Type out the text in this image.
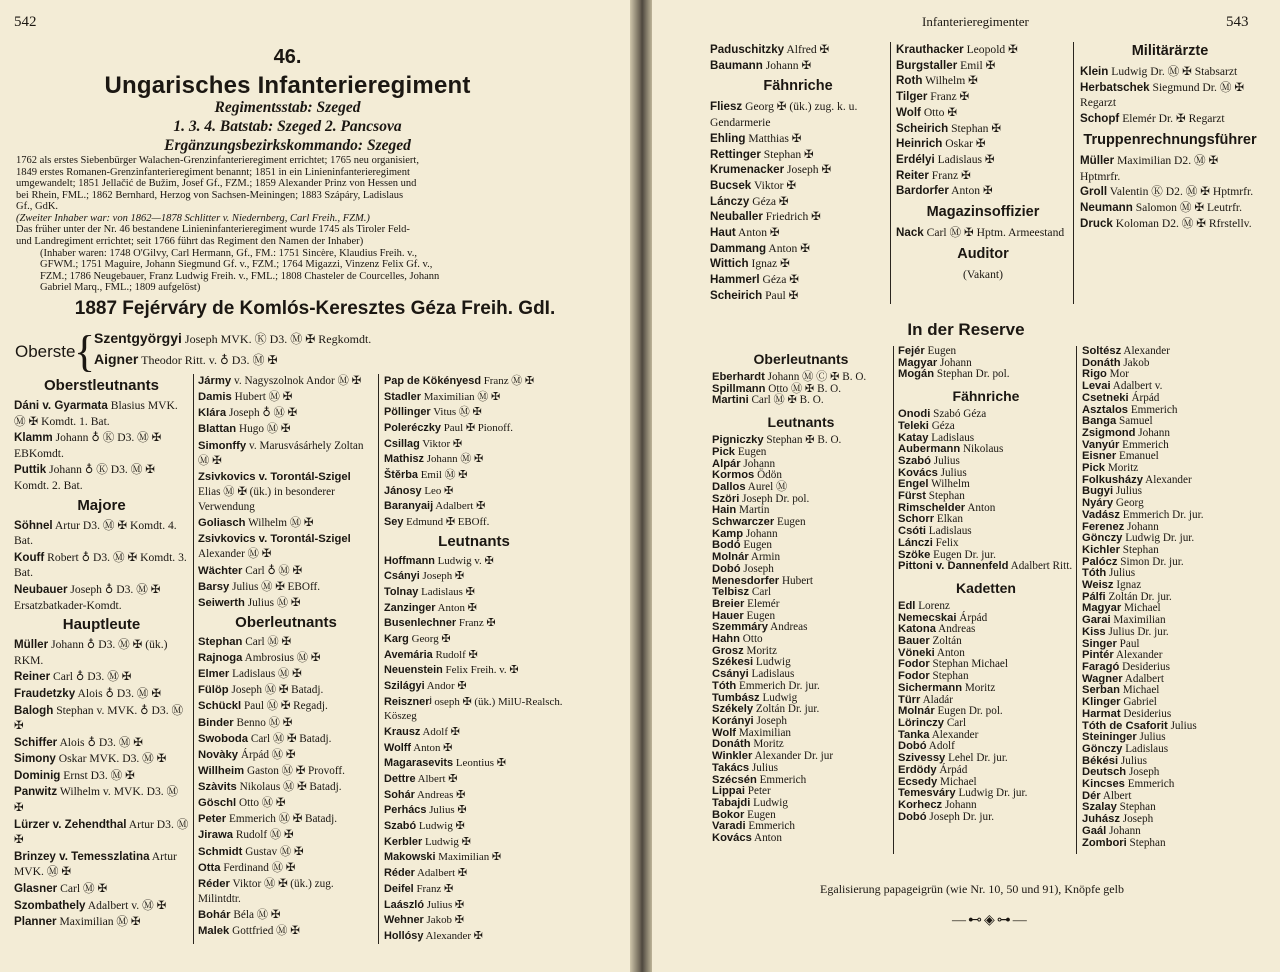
542
46.
Ungarisches Infanterieregiment
Regimentsstab: Szeged
1. 3. 4. Batstab: Szeged 2. Pancsova
Ergänzungsbezirkskommando: Szeged
1762 als erstes Siebenbürger Walachen-Grenzinfanterieregiment errichtet; 1765 neu organisiert,
1849 erstes Romanen-Grenzinfanterieregiment benannt; 1851 in ein Linieninfanterieregiment
umgewandelt; 1851 Jellačić de Bužim, Josef Gf., FZM.; 1859 Alexander Prinz von Hessen und
bei Rhein, FML.; 1862 Bernhard, Herzog von Sachsen-Meiningen; 1883 Szápáry, Ladislaus
Gf., GdK.
(Zweiter Inhaber war: von 1862—1878 Schlitter v. Niedernberg, Carl Freih., FZM.)
Das früher unter der Nr. 46 bestandene Linieninfanterieregiment wurde 1745 als Tiroler Feld-
und Landregiment errichtet; seit 1766 führt das Regiment den Namen der Inhaber)
(Inhaber waren: 1748 O'Gilvy, Carl Hermann, Gf., FM.: 1751 Sincère, Klaudius Freih. v.,
GFWM.; 1751 Maguire, Johann Siegmund Gf. v., FZM.; 1764 Migazzi, Vinzenz Felix Gf. v.,
FZM.; 1786 Neugebauer, Franz Ludwig Freih. v., FML.; 1808 Chasteler de Courcelles, Johann
Gabriel Marq., FML.; 1809 aufgelöst)
1887 Fejérváry de Komlós-Keresztes Géza Freih. GdI.
Oberste
{
Szentgyörgyi Joseph MVK. Ⓚ D3. Ⓜ ✠ Regkomdt.
Aigner Theodor Ritt. v. ♁ D3. Ⓜ ✠
Oberstleutnants
Dáni v. Gyarmata Blasius MVK. Ⓜ ✠ Komdt. 1. Bat.
Klamm Johann ♁ Ⓚ D3. Ⓜ ✠ EBKomdt.
Puttik Johann ♁ Ⓚ D3. Ⓜ ✠ Komdt. 2. Bat.
Majore
Söhnel Artur D3. Ⓜ ✠ Komdt. 4. Bat.
Kouff Robert ♁ D3. Ⓜ ✠ Komdt. 3. Bat.
Neubauer Joseph ♁ D3. Ⓜ ✠ Ersatzbatkader-Komdt.
Hauptleute
Müller Johann ♁ D3. Ⓜ ✠ (ük.) RKM.
Reiner Carl ♁ D3. Ⓜ ✠
Fraudetzky Alois ♁ D3. Ⓜ ✠
Balogh Stephan v. MVK. ♁ D3. Ⓜ ✠
Schiffer Alois ♁ D3. Ⓜ ✠
Simony Oskar MVK. D3. Ⓜ ✠
Dominig Ernst D3. Ⓜ ✠
Panwitz Wilhelm v. MVK. D3. Ⓜ ✠
Lürzer v. Zehendthal Artur D3. Ⓜ ✠
Brinzey v. Temesszlatina Artur MVK. Ⓜ ✠
Glasner Carl Ⓜ ✠
Szombathely Adalbert v. Ⓜ ✠
Planner Maximilian Ⓜ ✠
Jármy v. Nagyszolnok Andor Ⓜ ✠
Damis Hubert Ⓜ ✠
Klára Joseph ♁ Ⓜ ✠
Blattan Hugo Ⓜ ✠
Simonffy v. Marusvásárhely Zoltan Ⓜ ✠
Zsivkovics v. Torontál-Szigel Elias Ⓜ ✠ (ük.) in besonderer Verwendung
Goliasch Wilhelm Ⓜ ✠
Zsivkovics v. Torontál-Szigel Alexander Ⓜ ✠
Wächter Carl ♁ Ⓜ ✠
Barsy Julius Ⓜ ✠ EBOff.
Seiwerth Julius Ⓜ ✠
Oberleutnants
Stephan Carl Ⓜ ✠
Rajnoga Ambrosius Ⓜ ✠
Elmer Ladislaus Ⓜ ✠
Fülöp Joseph Ⓜ ✠ Batadj.
Schückl Paul Ⓜ ✠ Regadj.
Binder Benno Ⓜ ✠
Swoboda Carl Ⓜ ✠ Batadj.
Novàky Árpád Ⓜ ✠
Willheim Gaston Ⓜ ✠ Provoff.
Szàvits Nikolaus Ⓜ ✠ Batadj.
Göschl Otto Ⓜ ✠
Peter Emmerich Ⓜ ✠ Batadj.
Jirawa Rudolf Ⓜ ✠
Schmidt Gustav Ⓜ ✠
Otta Ferdinand Ⓜ ✠
Réder Viktor Ⓜ ✠ (ük.) zug. Milintdtr.
Bohár Béla Ⓜ ✠
Malek Gottfried Ⓜ ✠
Pap de Kökényesd Franz Ⓜ ✠
Stadler Maximilian Ⓜ ✠
Pöllinger Vitus Ⓜ ✠
Poleréczky Paul ✠ Pionoff.
Csillag Viktor ✠
Mathisz Johann Ⓜ ✠
Štěrba Emil Ⓜ ✠
Jánosy Leo ✠
Baranyaij Adalbert ✠
Sey Edmund ✠ EBOff.
Leutnants
Hoffmann Ludwig v. ✠
Csányi Joseph ✠
Tolnay Ladislaus ✠
Zanzinger Anton ✠
Busenlechner Franz ✠
Karg Georg ✠
Avemária Rudolf ✠
Neuenstein Felix Freih. v. ✠
Szilágyi Andor ✠
Reisznerʲ oseph ✠ (ük.) MilU-Realsch. Köszeg
Krausz Adolf ✠
Wolff Anton ✠
Magarasevits Leontius ✠
Dettre Albert ✠
Sohár Andreas ✠
Perhács Julius ✠
Szabó Ludwig ✠
Kerbler Ludwig ✠
Makowski Maximilian ✠
Réder Adalbert ✠
Deifel Franz ✠
Laászló Julius ✠
Wehner Jakob ✠
Hollósy Alexander ✠
Infanterieregimenter	543
Paduschitzky Alfred ✠
Baumann Johann ✠
Fähnriche
Fliesz Georg ✠ (ük.) zug. k. u. Gendarmerie
Ehling Matthias ✠
Rettinger Stephan ✠
Krumenacker Joseph ✠
Bucsek Viktor ✠
Lánczy Géza ✠
Neuballer Friedrich ✠
Haut Anton ✠
Dammang Anton ✠
Wittich Ignaz ✠
Hammerl Géza ✠
Scheirich Paul ✠
Krauthacker Leopold ✠
Burgstaller Emil ✠
Roth Wilhelm ✠
Tilger Franz ✠
Wolf Otto ✠
Scheirich Stephan ✠
Heinrich Oskar ✠
Erdélyi Ladislaus ✠
Reiter Franz ✠
Bardorfer Anton ✠
Magazinsoffizier
Nack Carl Ⓜ ✠ Hptm. Armeestand
Auditor
(Vakant)
Militärärzte
Klein Ludwig Dr. Ⓜ ✠ Stabsarzt
Herbatschek Siegmund Dr. Ⓜ ✠ Regarzt
Schopf Elemér Dr. ✠ Regarzt
Truppenrechnungsführer
Müller Maximilian D2. Ⓜ ✠ Hptmrfr.
Groll Valentin Ⓚ D2. Ⓜ ✠ Hptmrfr.
Neumann Salomon Ⓜ ✠ Leutrfr.
Druck Koloman D2. Ⓜ ✠ Rfrstellv.
In der Reserve
Oberleutnants
Eberhardt Johann Ⓜ Ⓒ ✠ B. O.
Spillmann Otto Ⓜ ✠ B. O.
Martini Carl Ⓜ ✠ B. O.
Leutnants
Pigniczky Stephan ✠ B. O.
Pick Eugen
Alpár Johann
Kormos Ödön
Dallos Aurel Ⓜ
Szöri Joseph Dr. pol.
Hain Martin
Schwarczer Eugen
Kamp Johann
Bodó Eugen
Molnár Armin
Dobó Joseph
Menesdorfer Hubert
Telbisz Carl
Breier Elemér
Hauer Eugen
Szemmáry Andreas
Hahn Otto
Grosz Moritz
Székesi Ludwig
Csányi Ladislaus
Tóth Emmerich Dr. jur.
Tumbász Ludwig
Székely Zoltán Dr. jur.
Korányi Joseph
Wolf Maximilian
Donáth Moritz
Winkler Alexander Dr. jur
Takács Julius
Szécsén Emmerich
Lippai Peter
Tabajdi Ludwig
Bokor Eugen
Varadi Emmerich
Kovács Anton
Fejér Eugen
Magyar Johann
Mogán Stephan Dr. pol.
Fähnriche
Onodi Szabó Géza
Teleki Géza
Katay Ladislaus
Aubermann Nikolaus
Szabó Julius
Kovács Julius
Engel Wilhelm
Fürst Stephan
Rimschelder Anton
Schorr Elkan
Csóti Ladislaus
Lánczi Felix
Szöke Eugen Dr. jur.
Pittoni v. Dannenfeld Adalbert Ritt.
Kadetten
Edl Lorenz
Nemecskai Árpád
Katona Andreas
Bauer Zoltán
Vöneki Anton
Fodor Stephan Michael
Fodor Stephan
Sichermann Moritz
Türr Aladár
Molnár Eugen Dr. pol.
Lörinczy Carl
Tanka Alexander
Dobó Adolf
Szivessy Lehel Dr. jur.
Erdödy Árpád
Ecsedy Michael
Temesváry Ludwig Dr. jur.
Korhecz Johann
Dobó Joseph Dr. jur.
Soltész Alexander
Donáth Jakob
Rigo Mor
Levai Adalbert v.
Csetneki Árpád
Asztalos Emmerich
Banga Samuel
Zsigmond Johann
Vanyúr Emmerich
Eisner Emanuel
Pick Moritz
Folkusházy Alexander
Bugyi Julius
Nyáry Georg
Vadász Emmerich Dr. jur.
Ferenez Johann
Gönczy Ludwig Dr. jur.
Kichler Stephan
Palócz Simon Dr. jur.
Tóth Julius
Weisz Ignaz
Pálfi Zoltán Dr. jur.
Magyar Michael
Garai Maximilian
Kiss Julius Dr. jur.
Singer Paul
Pintér Alexander
Faragó Desiderius
Wagner Adalbert
Serban Michael
Klinger Gabriel
Harmat Desiderius
Tóth de Csaforit Julius
Steininger Julius
Gönczy Ladislaus
Békési Julius
Deutsch Joseph
Kincses Emmerich
Dér Albert
Szalay Stephan
Juhász Joseph
Gaál Johann
Zombori Stephan
Egalisierung papageigrün (wie Nr. 10, 50 und 91), Knöpfe gelb
—⊷◈⊶—
